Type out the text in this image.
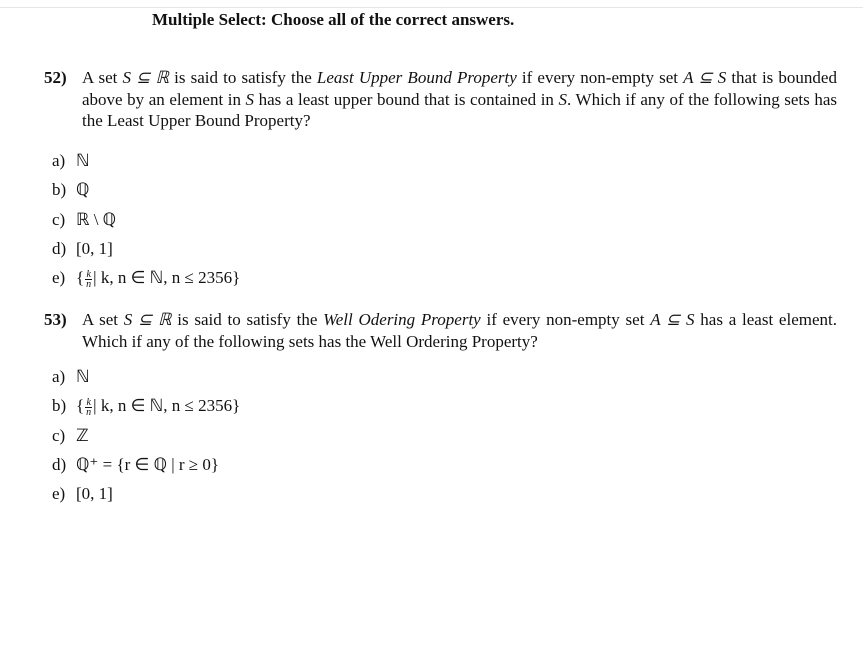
Multiple Select: Choose all of the correct answers.
52) A set S ⊆ ℝ is said to satisfy the Least Upper Bound Property if every non-empty set A ⊆ S that is bounded above by an element in S has a least upper bound that is contained in S. Which if any of the following sets has the Least Upper Bound Property?
a) ℕ
b) ℚ
c) ℝ \ ℚ
d) [0, 1]
e) { $\frac{k}{n}$ | k, n ∈ ℕ, n ≤ 2356}
53) A set S ⊆ ℝ is said to satisfy the Well Odering Property if every non-empty set A ⊆ S has a least element. Which if any of the following sets has the Well Ordering Property?
a) ℕ
b) { $\frac{k}{n}$ | k, n ∈ ℕ, n ≤ 2356}
c) ℤ
d) ℚ⁺ = {r ∈ ℚ | r ≥ 0}
e) [0, 1]
